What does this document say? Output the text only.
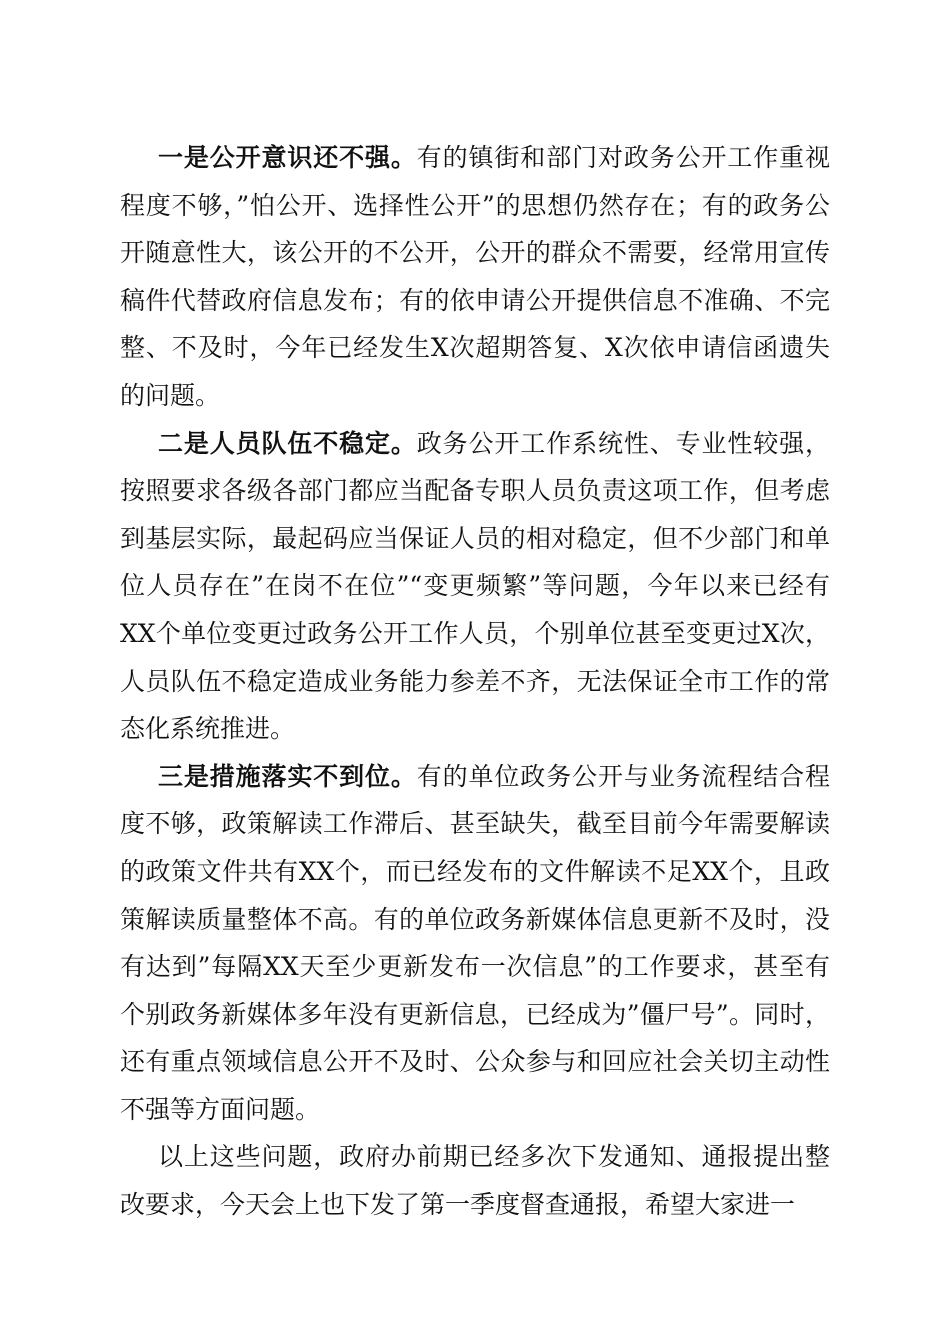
一是公开意识还不强。有的镇街和部门对政务公开工作重视程度不够，”怕公开、选择性公开”的思想仍然存在；有的政务公开随意性大，该公开的不公开，公开的群众不需要，经常用宣传稿件代替政府信息发布；有的依申请公开提供信息不准确、不完整、不及时，今年已经发生X次超期答复、X次依申请信函遗失的问题。

二是人员队伍不稳定。政务公开工作系统性、专业性较强，按照要求各级各部门都应当配备专职人员负责这项工作，但考虑到基层实际，最起码应当保证人员的相对稳定，但不少部门和单位人员存在”在岗不在位”“变更频繁”等问题，今年以来已经有XX个单位变更过政务公开工作人员，个别单位甚至变更过X次，人员队伍不稳定造成业务能力参差不齐，无法保证全市工作的常态化系统推进。

三是措施落实不到位。有的单位政务公开与业务流程结合程度不够，政策解读工作滞后、甚至缺失，截至目前今年需要解读的政策文件共有XX个，而已经发布的文件解读不足XX个，且政策解读质量整体不高。有的单位政务新媒体信息更新不及时，没有达到”每隔XX天至少更新发布一次信息”的工作要求，甚至有个别政务新媒体多年没有更新信息，已经成为”僵尸号”。同时，还有重点领域信息公开不及时、公众参与和回应社会关切主动性不强等方面问题。

以上这些问题，政府办前期已经多次下发通知、通报提出整改要求，今天会上也下发了第一季度督查通报，希望大家进一
